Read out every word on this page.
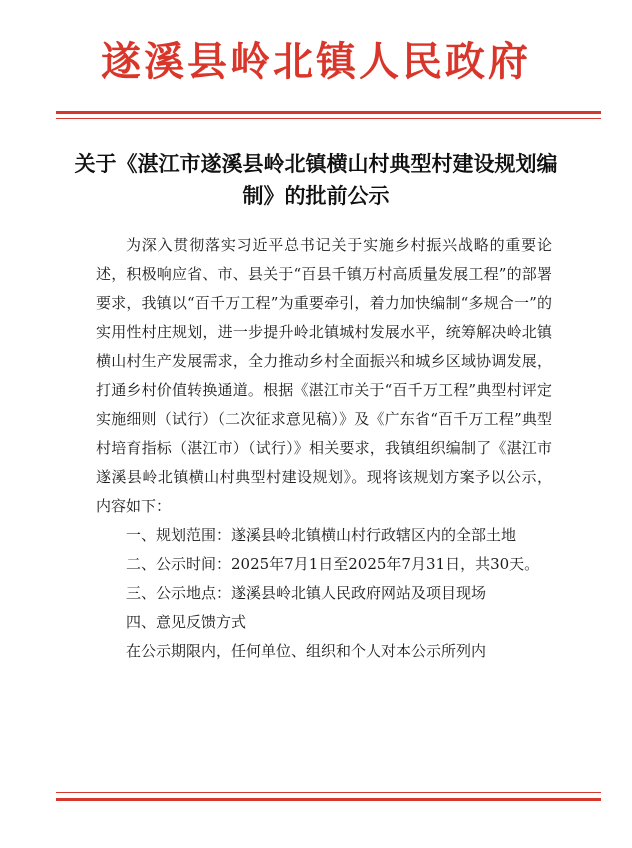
遂溪县岭北镇人民政府
关于《湛江市遂溪县岭北镇横山村典型村建设规划编制》的批前公示

为深入贯彻落实习近平总书记关于实施乡村振兴战略的重要论述，积极响应省、市、县关于“百县千镇万村高质量发展工程”的部署要求，我镇以“百千万工程”为重要牵引，着力加快编制“多规合一”的实用性村庄规划，进一步提升岭北镇城村发展水平，统筹解决岭北镇横山村生产发展需求，全力推动乡村全面振兴和城乡区域协调发展，打通乡村价值转换通道。根据《湛江市关于“百千万工程”典型村评定实施细则（试行）（二次征求意见稿）》及《广东省“百千万工程”典型村培育指标（湛江市）（试行）》相关要求，我镇组织编制了《湛江市遂溪县岭北镇横山村典型村建设规划》。现将该规划方案予以公示，内容如下：

一、规划范围：遂溪县岭北镇横山村行政辖区内的全部土地

二、公示时间：2025年7月1日至2025年7月31日，共30天。

三、公示地点：遂溪县岭北镇人民政府网站及项目现场

四、意见反馈方式

在公示期限内，任何单位、组织和个人对本公示所列内
